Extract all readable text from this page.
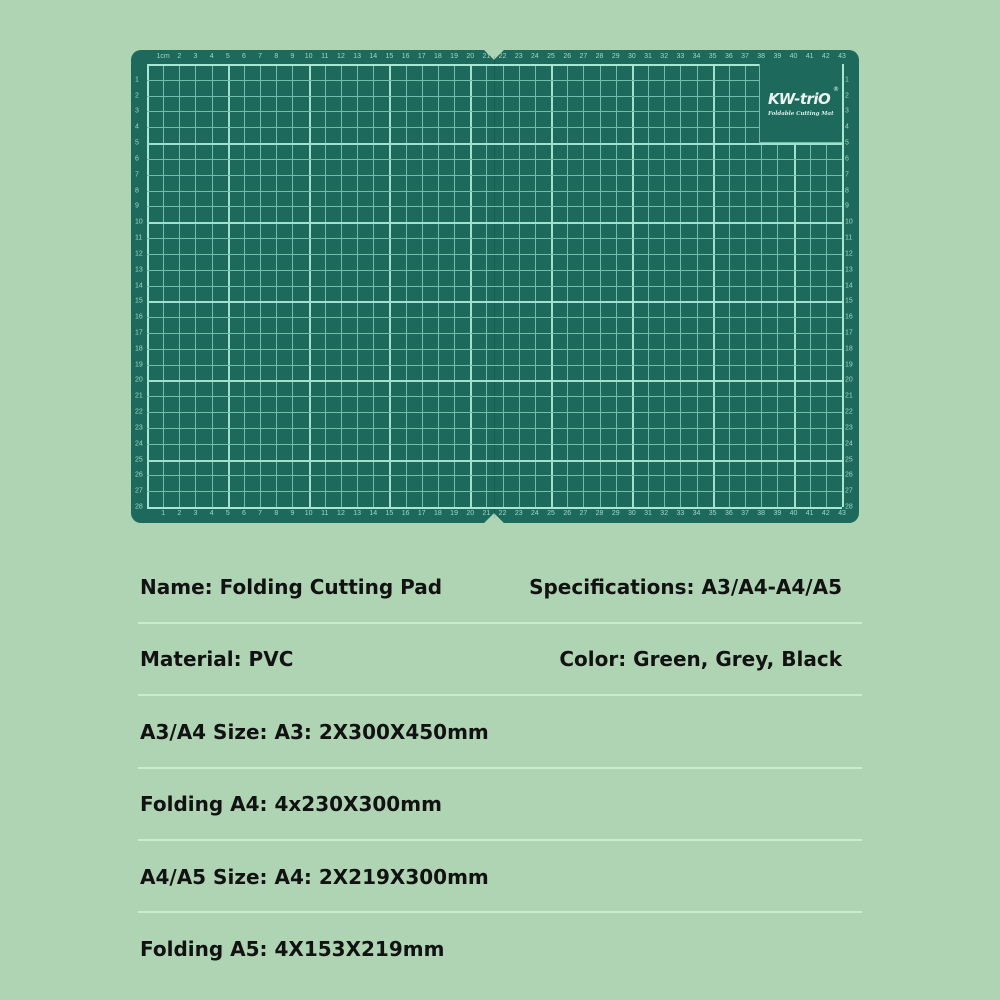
1cm
1
2
2
3
3
4
4
5
5
6
6
7
7
8
8
9
9
10
10
11
11
12
12
13
13
14
14
15
15
16
16
17
17
18
18
19
19
20
20
21
21
22
22
23
23
24
24
25
25
26
26
27
27
28
28
29
29
30
30
31
31
32
32
33
33
34
34
35
35
36
36
37
37
38
38
39
39
40
40
41
41
42
42
43
43
1	1
2	2
3	3
4	4
5	5
6	6
7	7
8	8
9	9
10	10
11	11
12	12
13	13
14	14
15	15
16	16
17	17
18	18
19	19
20	20
21	21
22	22
23	23
24	24
25	25
26	26
27	27
28	28
KW-triO
®
Foldable Cutting Mat
Name: Folding Cutting Pad	Specifications: A3/A4-A4/A5
Material: PVC	Color: Green, Grey, Black
A3/A4 Size: A3: 2X300X450mm
Folding A4: 4x230X300mm
A4/A5 Size: A4: 2X219X300mm
Folding A5: 4X153X219mm
